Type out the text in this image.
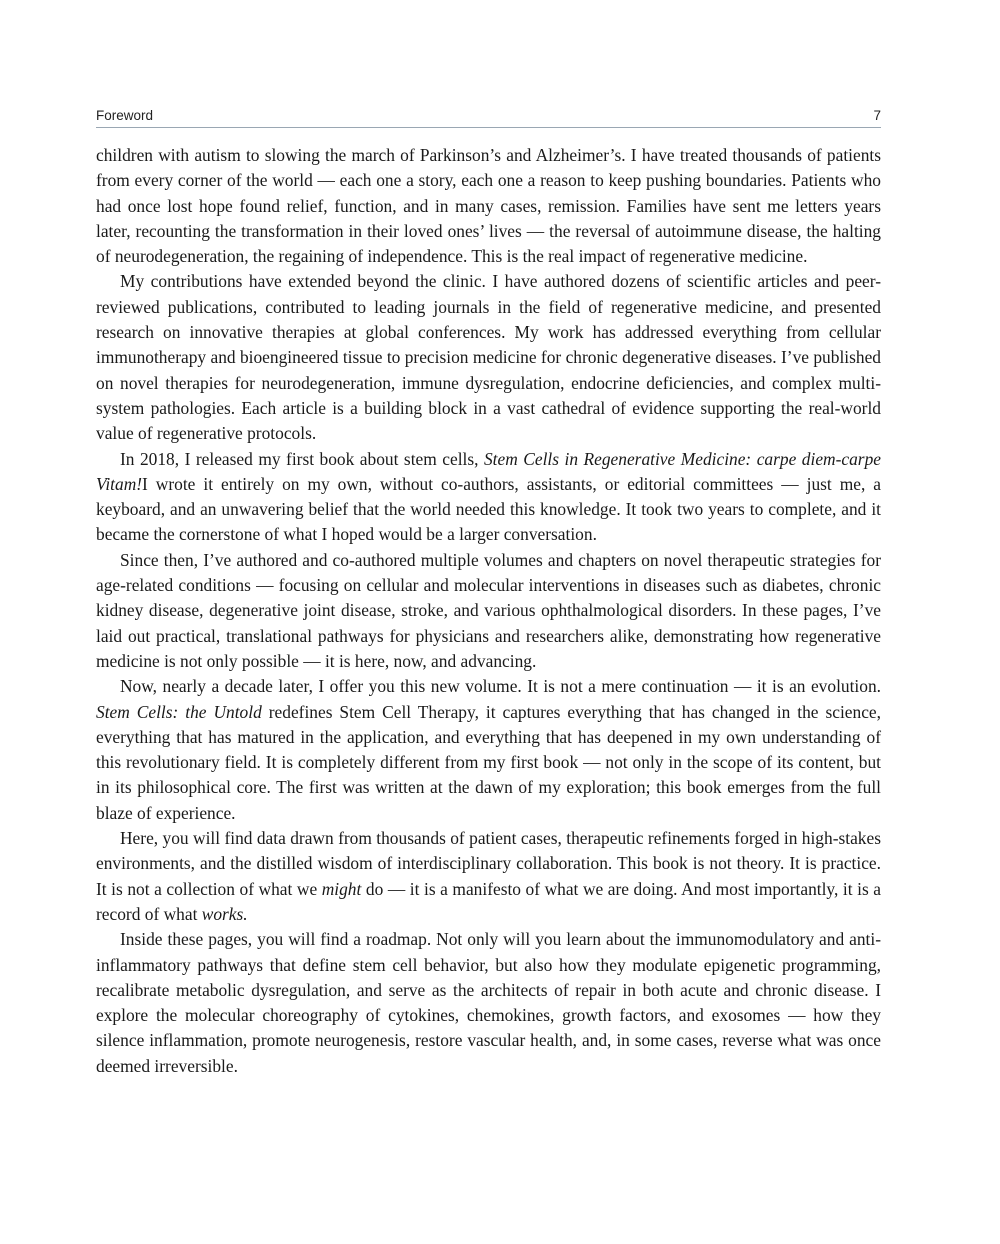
Foreword	7

children with autism to slowing the march of Parkinson’s and Alzheimer’s. I have treated thousands of patients from every corner of the world — each one a story, each one a reason to keep pushing boundaries. Patients who had once lost hope found relief, function, and in many cases, remission. Families have sent me letters years later, recounting the transformation in their loved ones’ lives — the reversal of autoimmune disease, the halting of neurodegeneration, the regaining of independence. This is the real impact of regenerative medicine.

My contributions have extended beyond the clinic. I have authored dozens of scientific articles and peer-reviewed publications, contributed to leading journals in the field of regenerative medicine, and presented research on innovative therapies at global conferences. My work has addressed everything from cellular immunotherapy and bioengineered tissue to precision medicine for chronic degenerative diseases. I’ve published on novel therapies for neurodegeneration, immune dysregulation, endocrine deficiencies, and complex multi-system pathologies. Each article is a building block in a vast cathedral of evidence supporting the real-world value of regenerative protocols.

In 2018, I released my first book about stem cells, Stem Cells in Regenerative Medicine: carpe diem-carpe Vitam!I wrote it entirely on my own, without co-authors, assistants, or editorial committees — just me, a keyboard, and an unwavering belief that the world needed this knowledge. It took two years to complete, and it became the cornerstone of what I hoped would be a larger conversation.

Since then, I’ve authored and co-authored multiple volumes and chapters on novel therapeutic strategies for age-related conditions — focusing on cellular and molecular interventions in diseases such as diabetes, chronic kidney disease, degenerative joint disease, stroke, and various ophthalmological disorders. In these pages, I’ve laid out practical, translational pathways for physicians and researchers alike, demonstrating how regenerative medicine is not only possible — it is here, now, and advancing.

Now, nearly a decade later, I offer you this new volume. It is not a mere continuation — it is an evolution. Stem Cells: the Untold redefines Stem Cell Therapy, it captures everything that has changed in the science, everything that has matured in the application, and everything that has deepened in my own understanding of this revolutionary field. It is completely different from my first book — not only in the scope of its content, but in its philosophical core. The first was written at the dawn of my exploration; this book emerges from the full blaze of experience.

Here, you will find data drawn from thousands of patient cases, therapeutic refinements forged in high-stakes environments, and the distilled wisdom of interdisciplinary collaboration. This book is not theory. It is practice. It is not a collection of what we might do — it is a manifesto of what we are doing. And most importantly, it is a record of what works.

Inside these pages, you will find a roadmap. Not only will you learn about the immunomodulatory and anti-inflammatory pathways that define stem cell behavior, but also how they modulate epigenetic programming, recalibrate metabolic dysregulation, and serve as the architects of repair in both acute and chronic disease. I explore the molecular choreography of cytokines, chemokines, growth factors, and exosomes — how they silence inflammation, promote neurogenesis, restore vascular health, and, in some cases, reverse what was once deemed irreversible.
